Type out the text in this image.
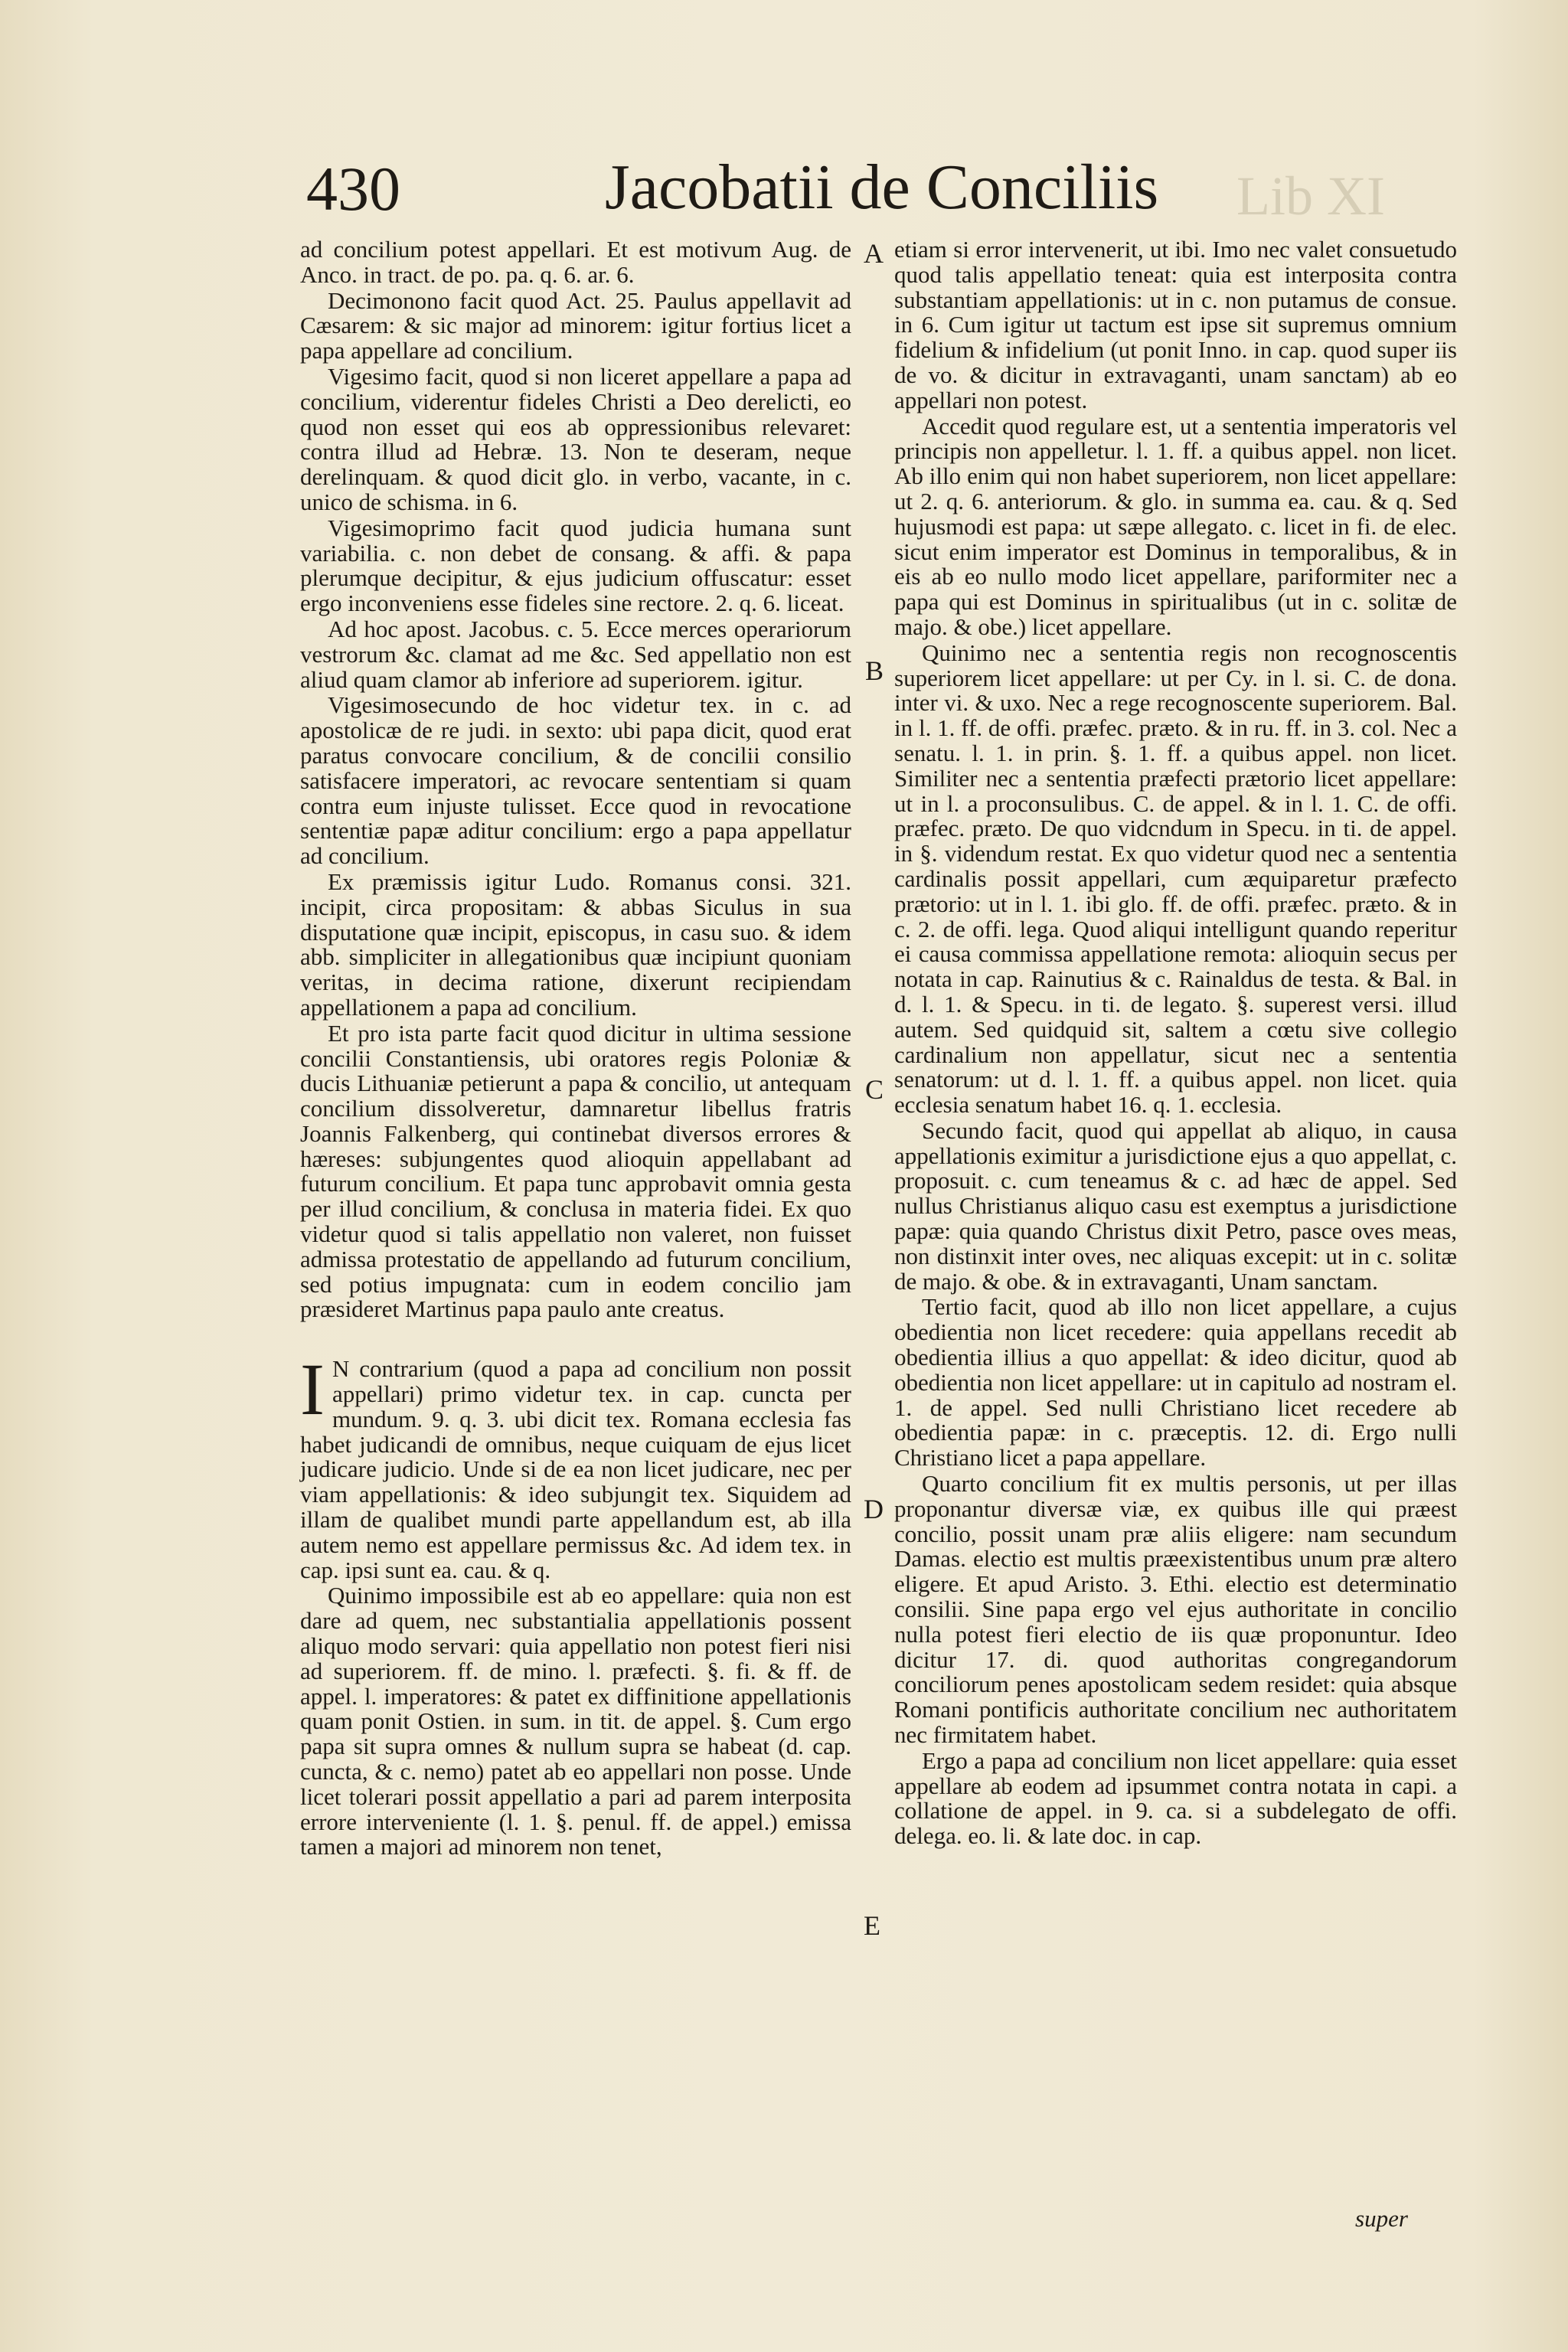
430	Jacobatii de Conciliis Lib XI

ad concilium potest appellari. Et est motivum Aug. de Anco. in tract. de po. pa. q. 6. ar. 6.

Decimonono facit quod Act. 25. Paulus appellavit ad Cæsarem: & sic major ad minorem: igitur fortius licet a papa appellare ad concilium.

Vigesimo facit, quod si non liceret appellare a papa ad concilium, viderentur fideles Christi a Deo derelicti, eo quod non esset qui eos ab oppressionibus relevaret: contra illud ad Hebræ. 13. Non te deseram, neque derelinquam. & quod dicit glo. in verbo, vacante, in c. unico de schisma. in 6.

Vigesimoprimo facit quod judicia humana sunt variabilia. c. non debet de consang. & affi. & papa plerumque decipitur, & ejus judicium offuscatur: esset ergo inconveniens esse fideles sine rectore. 2. q. 6. liceat.

Ad hoc apost. Jacobus. c. 5. Ecce merces operariorum vestrorum &c. clamat ad me &c. Sed appellatio non est aliud quam clamor ab inferiore ad superiorem. igitur.

Vigesimosecundo de hoc videtur tex. in c. ad apostolicæ de re judi. in sexto: ubi papa dicit, quod erat paratus convocare concilium, & de concilii consilio satisfacere imperatori, ac revocare sententiam si quam contra eum injuste tulisset. Ecce quod in revocatione sententiæ papæ aditur concilium: ergo a papa appellatur ad concilium.

Ex præmissis igitur Ludo. Romanus consi. 321. incipit, circa propositam: & abbas Siculus in sua disputatione quæ incipit, episcopus, in casu suo. & idem abb. simpliciter in allegationibus quæ incipiunt quoniam veritas, in decima ratione, dixerunt recipiendam appellationem a papa ad concilium.

Et pro ista parte facit quod dicitur in ultima sessione concilii Constantiensis, ubi oratores regis Poloniæ & ducis Lithuaniæ petierunt a papa & concilio, ut antequam concilium dissolveretur, damnaretur libellus fratris Joannis Falkenberg, qui continebat diversos errores & hæreses: subjungentes quod alioquin appellabant ad futurum concilium. Et papa tunc approbavit omnia gesta per illud concilium, & conclusa in materia fidei. Ex quo videtur quod si talis appellatio non valeret, non fuisset admissa protestatio de appellando ad futurum concilium, sed potius impugnata: cum in eodem concilio jam præsideret Martinus papa paulo ante creatus.

I N contrarium (quod a papa ad concilium non possit appellari) primo videtur tex. in cap. cuncta per mundum. 9. q. 3. ubi dicit tex. Romana ecclesia fas habet judicandi de omnibus, neque cuiquam de ejus licet judicare judicio. Unde si de ea non licet judicare, nec per viam appellationis: & ideo subjungit tex. Siquidem ad illam de qualibet mundi parte appellandum est, ab illa autem nemo est appellare permissus &c. Ad idem tex. in cap. ipsi sunt ea. cau. & q.

Quinimo impossibile est ab eo appellare: quia non est dare ad quem, nec substantialia appellationis possent aliquo modo servari: quia appellatio non potest fieri nisi ad superiorem. ff. de mino. l. præfecti. §. fi. & ff. de appel. l. imperatores: & patet ex diffinitione appellationis quam ponit Ostien. in sum. in tit. de appel. §. Cum ergo papa sit supra omnes & nullum supra se habeat (d. cap. cuncta, & c. nemo) patet ab eo appellari non posse. Unde licet tolerari possit appellatio a pari ad parem interposita errore interveniente (l. 1. §. penul. ff. de appel.) emissa tamen a majori ad minorem non tenet,

etiam si error intervenerit, ut ibi. Imo nec valet consuetudo quod talis appellatio teneat: quia est interposita contra substantiam appellationis: ut in c. non putamus de consue. in 6. Cum igitur ut tactum est ipse sit supremus omnium fidelium & infidelium (ut ponit Inno. in cap. quod super iis de vo. & dicitur in extravaganti, unam sanctam) ab eo appellari non potest.

Accedit quod regulare est, ut a sententia imperatoris vel principis non appelletur. l. 1. ff. a quibus appel. non licet. Ab illo enim qui non habet superiorem, non licet appellare: ut 2. q. 6. anteriorum. & glo. in summa ea. cau. & q. Sed hujusmodi est papa: ut sæpe allegato. c. licet in fi. de elec. sicut enim imperator est Dominus in temporalibus, & in eis ab eo nullo modo licet appellare, pariformiter nec a papa qui est Dominus in spiritualibus (ut in c. solitæ de majo. & obe.) licet appellare.

Quinimo nec a sententia regis non recognoscentis superiorem licet appellare: ut per Cy. in l. si. C. de dona. inter vi. & uxo. Nec a rege recognoscente superiorem. Bal. in l. 1. ff. de offi. præfec. præto. & in ru. ff. in 3. col. Nec a senatu. l. 1. in prin. §. 1. ff. a quibus appel. non licet. Similiter nec a sententia præfecti prætorio licet appellare: ut in l. a proconsulibus. C. de appel. & in l. 1. C. de offi. præfec. præto. De quo vidcndum in Specu. in ti. de appel. in §. videndum restat. Ex quo videtur quod nec a sententia cardinalis possit appellari, cum æquiparetur præfecto prætorio: ut in l. 1. ibi glo. ff. de offi. præfec. præto. & in c. 2. de offi. lega. Quod aliqui intelligunt quando reperitur ei causa commissa appellatione remota: alioquin secus per notata in cap. Rainutius & c. Rainaldus de testa. & Bal. in d. l. 1. & Specu. in ti. de legato. §. superest versi. illud autem. Sed quidquid sit, saltem a cœtu sive collegio cardinalium non appellatur, sicut nec a sententia senatorum: ut d. l. 1. ff. a quibus appel. non licet. quia ecclesia senatum habet 16. q. 1. ecclesia.

Secundo facit, quod qui appellat ab aliquo, in causa appellationis eximitur a jurisdictione ejus a quo appellat, c. proposuit. c. cum teneamus & c. ad hæc de appel. Sed nullus Christianus aliquo casu est exemptus a jurisdictione papæ: quia quando Christus dixit Petro, pasce oves meas, non distinxit inter oves, nec aliquas excepit: ut in c. solitæ de majo. & obe. & in extravaganti, Unam sanctam.

Tertio facit, quod ab illo non licet appellare, a cujus obedientia non licet recedere: quia appellans recedit ab obedientia illius a quo appellat: & ideo dicitur, quod ab obedientia non licet appellare: ut in capitulo ad nostram el. 1. de appel. Sed nulli Christiano licet recedere ab obedientia papæ: in c. præceptis. 12. di. Ergo nulli Christiano licet a papa appellare.

Quarto concilium fit ex multis personis, ut per illas proponantur diversæ viæ, ex quibus ille qui præest concilio, possit unam præ aliis eligere: nam secundum Damas. electio est multis præexistentibus unum præ altero eligere. Et apud Aristo. 3. Ethi. electio est determinatio consilii. Sine papa ergo vel ejus authoritate in concilio nulla potest fieri electio de iis quæ proponuntur. Ideo dicitur 17. di. quod authoritas congregandorum conciliorum penes apostolicam sedem residet: quia absque Romani pontificis authoritate concilium nec authoritatem nec firmitatem habet.

Ergo a papa ad concilium non licet appellare: quia esset appellare ab eodem ad ipsummet contra notata in capi. a collatione de appel. in 9. ca. si a subdelegato de offi. delega. eo. li. & late doc. in cap.

A
B
C
D
E
super
